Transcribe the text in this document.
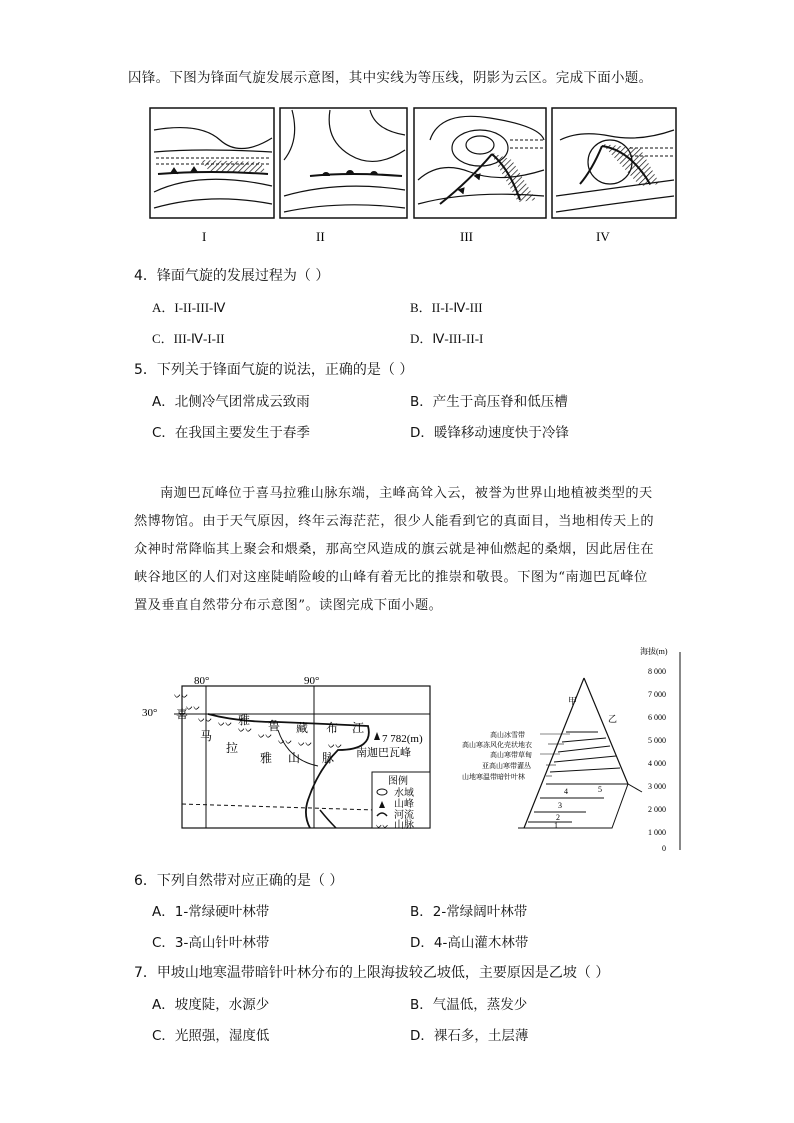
囚锋。下图为锋面气旋发展示意图，其中实线为等压线，阴影为云区。完成下面小题。
I	II	III	IV
4．锋面气旋的发展过程为（ ）
A．I-II-III-Ⅳ	B．II-I-Ⅳ-III
C．III-Ⅳ-I-II	D．Ⅳ-III-II-I
5．下列关于锋面气旋的说法，正确的是（ ）
A．北侧冷气团常成云致雨	B．产生于高压脊和低压槽
C．在我国主要发生于春季	D．暖锋移动速度快于冷锋
南迦巴瓦峰位于喜马拉雅山脉东端，主峰高耸入云，被誉为世界山地植被类型的天
然博物馆。由于天气原因，终年云海茫茫，很少人能看到它的真面目，当地相传天上的
众神时常降临其上聚会和煨桑，那高空风造成的旗云就是神仙燃起的桑烟，因此居住在
峡谷地区的人们对这座陡峭险峻的山峰有着无比的推崇和敬畏。下图为“南迦巴瓦峰位
置及垂直自然带分布示意图”。读图完成下面小题。
80°	90°
30°
ᨆᨆ
ᨆᨆ
ᨆᨆ ᨆᨆ
ᨆᨆ
ᨆᨆ
ᨆᨆ ᨆᨆ ᨆᨆ
雅 鲁 藏 布 江
喜
马
拉
雅 山 脉
7 782(m)
南迦巴瓦峰
图例
水域
山峰
河流
ᨆᨆ 山脉
海拔(m)
8 000
7 000
6 000
5 000
4 000
3 000
2 000
1 000
0
甲
乙
高山冰雪带
高山寒冻风化壳状地衣
高山寒带草甸
亚高山寒带灌丛
山地寒温带暗针叶林
1
2
3
4	5
6．下列自然带对应正确的是（ ）
A．1-常绿硬叶林带	B．2-常绿阔叶林带
C．3-高山针叶林带	D．4-高山灌木林带
7．甲坡山地寒温带暗针叶林分布的上限海拔较乙坡低，主要原因是乙坡（ ）
A．坡度陡，水源少	B．气温低，蒸发少
C．光照强，湿度低	D．裸石多，土层薄
